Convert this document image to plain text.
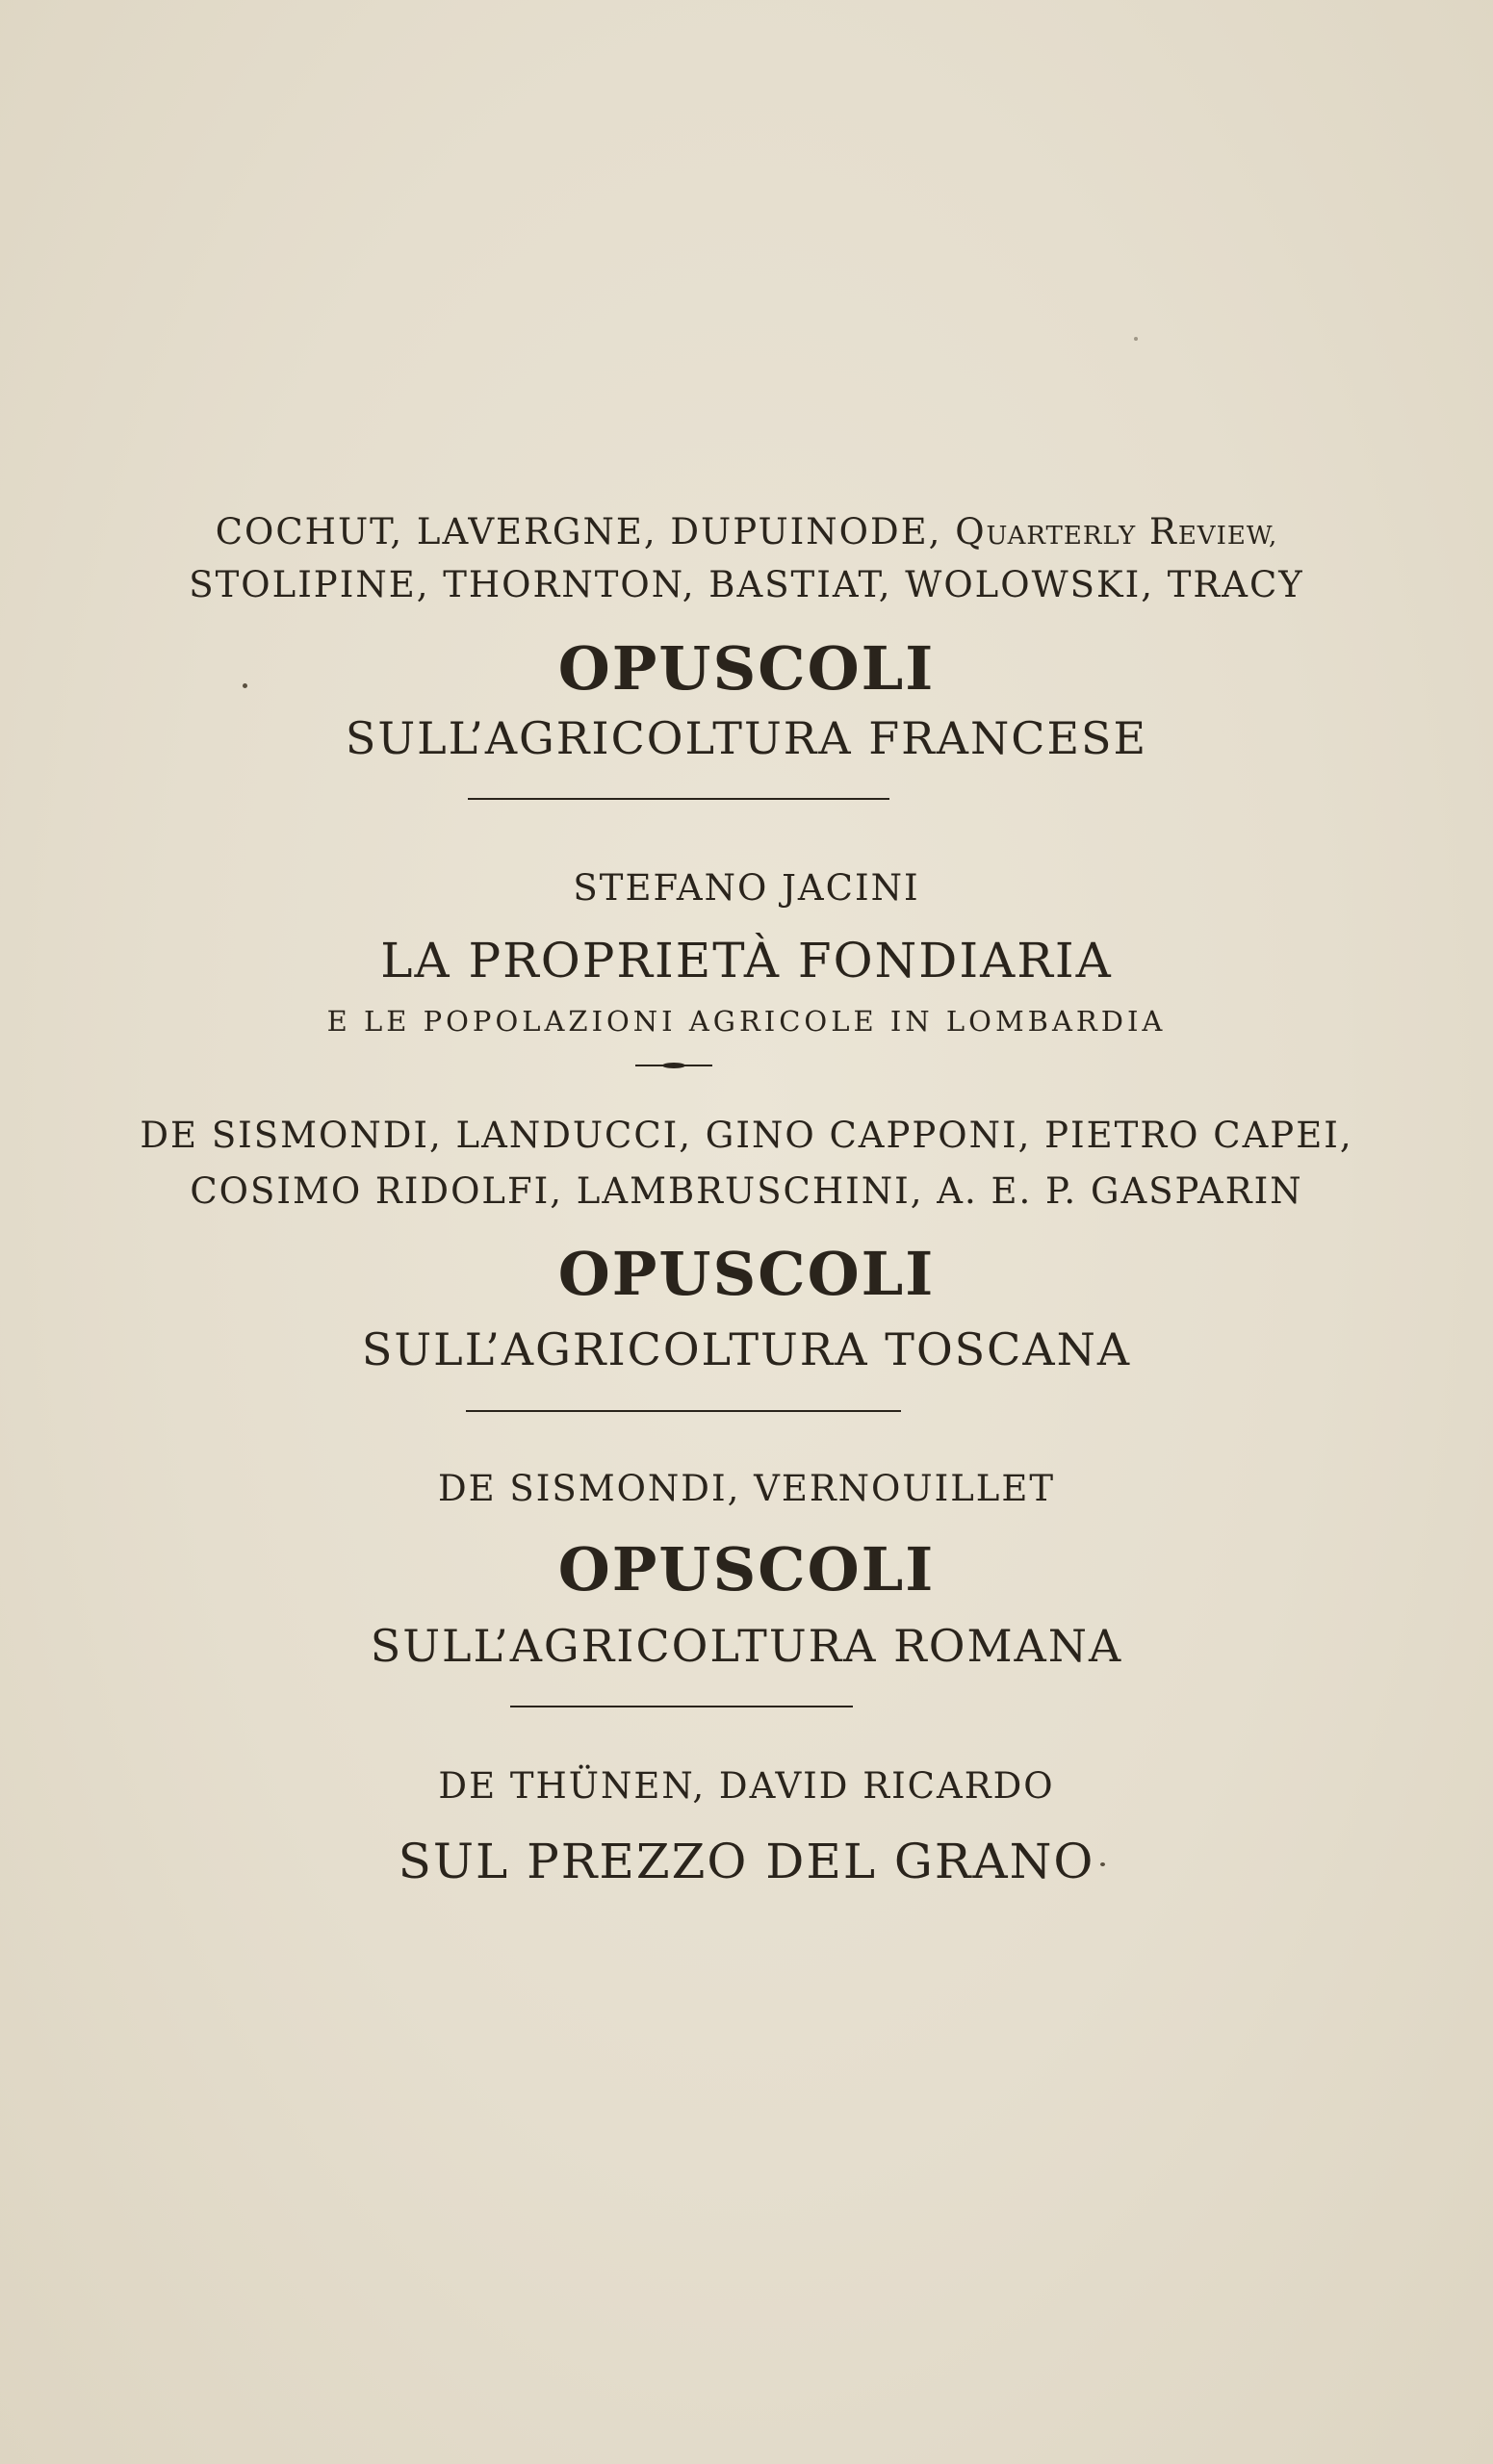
COCHUT, LAVERGNE, DUPUINODE, QUARTERLY REVIEW,
STOLIPINE, THORNTON, BASTIAT, WOLOWSKI, TRACY
OPUSCOLI
SULL’AGRICOLTURA FRANCESE
STEFANO JACINI
LA PROPRIETÀ FONDIARIA
E LE POPOLAZIONI AGRICOLE IN LOMBARDIA
DE SISMONDI, LANDUCCI, GINO CAPPONI, PIETRO CAPEI,
COSIMO RIDOLFI, LAMBRUSCHINI, A. E. P. GASPARIN
OPUSCOLI
SULL’AGRICOLTURA TOSCANA
DE SISMONDI, VERNOUILLET
OPUSCOLI
SULL’AGRICOLTURA ROMANA
DE THÜNEN, DAVID RICARDO
SUL PREZZO DEL GRANO
